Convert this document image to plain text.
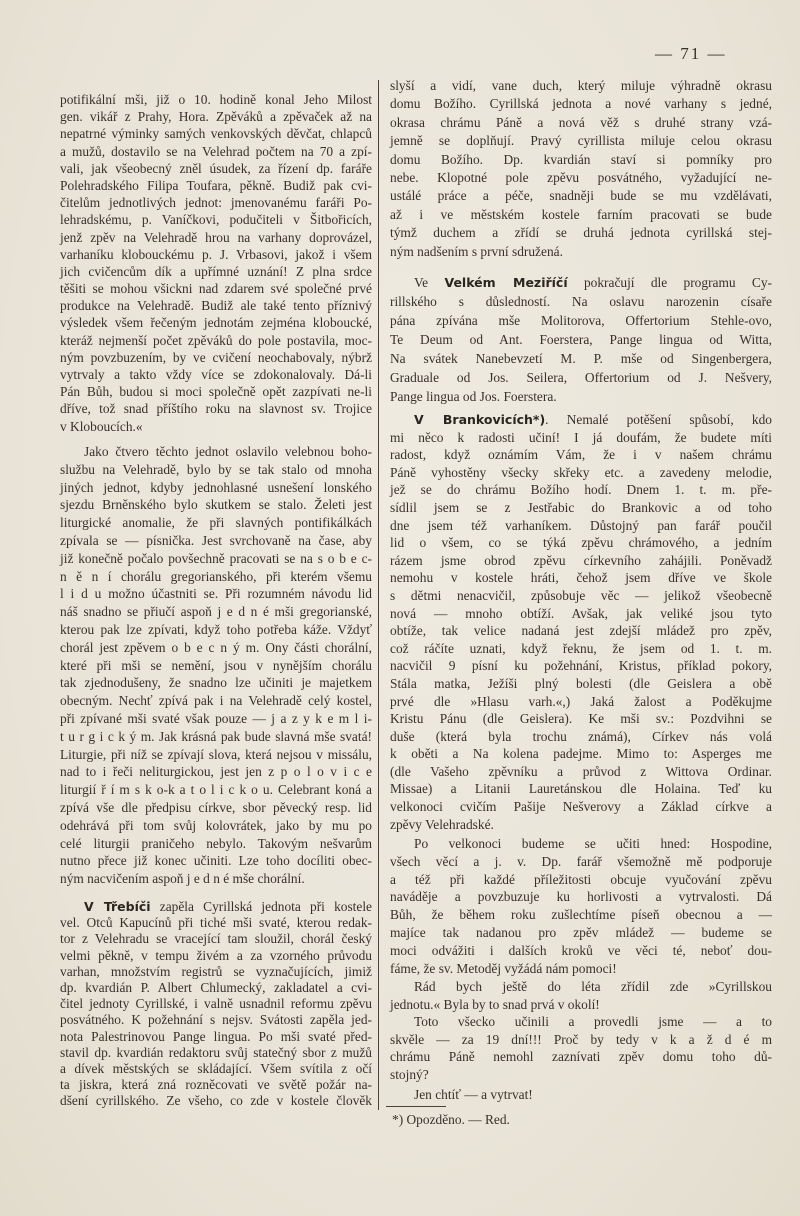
— 71 —
potifikální mši, již o 10. hodině konal Jeho Milost
gen. vikář z Prahy, Hora. Zpěváků a zpěvaček až na
nepatrné výminky samých venkovských děvčat, chlapců
a mužů, dostavilo se na Velehrad počtem na 70 a zpí-
vali, jak všeobecný zněl úsudek, za řízení dp. faráře
Polehradského Filipa Toufara, pěkně. Budiž pak cvi-
čitelům jednotlivých jednot: jmenovanému faráři Po-
lehradskému, p. Vaníčkovi, podučiteli v Šitbořicích,
jenž zpěv na Velehradě hrou na varhany doprovázel,
varhaníku klobouckému p. J. Vrbasovi, jakož i všem
jich cvičencům dík a upřímné uznání! Z plna srdce
těšiti se mohou všickni nad zdarem své společné prvé
produkce na Velehradě. Budiž ale také tento příznivý
výsledek všem řečeným jednotám zejména kloboucké,
kteráž nejmenší počet zpěváků do pole postavila, moc-
ným povzbuzením, by ve cvičení neochabovaly, nýbrž
vytrvaly a takto vždy více se zdokonalovaly. Dá-li
Pán Bůh, budou si moci společně opět zazpívati ne-li
dříve, tož snad příštího roku na slavnost sv. Trojice
v Kloboucích.«
Jako čtvero těchto jednot oslavilo velebnou boho-
službu na Velehradě, bylo by se tak stalo od mnoha
jiných jednot, kdyby jednohlasné usnešení lonského
sjezdu Brněnského bylo skutkem se stalo. Želeti jest
liturgické anomalie, že při slavných pontifikálkách
zpívala se — písnička. Jest svrchovaně na čase, aby
již konečně počalo povšechně pracovati se na s o b e c-
n ě n í chorálu gregorianského, při kterém všemu
l i d u možno účastniti se. Při rozumném návodu lid
náš snadno se přiučí aspoň j e d n é mši gregorianské,
kterou pak lze zpívati, když toho potřeba káže. Vždyť
chorál jest zpěvem o b e c n ý m. Ony části chorální,
které při mši se nemění, jsou v nynějším chorálu
tak zjednodušeny, že snadno lze učiniti je majetkem
obecným. Nechť zpívá pak i na Velehradě celý kostel,
při zpívané mši svaté však pouze — j a z y k e m l i-
t u r g i c k ý m. Jak krásná pak bude slavná mše svatá!
Liturgie, při níž se zpívají slova, která nejsou v missálu,
nad to i řeči neliturgickou, jest jen z p o l o v i c e
liturgií ř í m s k o-k a t o l i c k o u. Celebrant koná a
zpívá vše dle předpisu církve, sbor pěvecký resp. lid
odehrává při tom svůj kolovrátek, jako by mu po
celé liturgii praničeho nebylo. Takovým nešvarům
nutno přece již konec učiniti. Lze toho docíliti obec-
ným nacvičením aspoň j e d n é mše chorální.
V Třebíči zapěla Cyrillská jednota při kostele
vel. Otců Kapucínů při tiché mši svaté, kterou redak-
tor z Velehradu se vracející tam sloužil, chorál český
velmi pěkně, v tempu živém a za vzorného průvodu
varhan, množstvím registrů se vyznačujících, jimiž
dp. kvardián P. Albert Chlumecký, zakladatel a cvi-
čitel jednoty Cyrillské, i valně usnadnil reformu zpěvu
posvátného. K požehnání s nejsv. Svátosti zapěla jed-
nota Palestrinovou Pange lingua. Po mši svaté před-
stavil dp. kvardián redaktoru svůj statečný sbor z mužů
a dívek městských se skládající. Všem svítila z očí
ta jiskra, která zná rozněcovati ve světě požár na-
dšení cyrillského. Ze všeho, co zde v kostele člověk
slyší a vidí, vane duch, který miluje výhradně okrasu
domu Božího. Cyrillská jednota a nové varhany s jedné,
okrasa chrámu Páně a nová věž s druhé strany vzá-
jemně se doplňují. Pravý cyrillista miluje celou okrasu
domu Božího. Dp. kvardián staví si pomníky pro
nebe. Klopotné pole zpěvu posvátného, vyžadující ne-
ustálé práce a péče, snadněji bude se mu vzdělávati,
až i ve městském kostele farním pracovati se bude
týmž duchem a zřídí se druhá jednota cyrillská stej-
ným nadšením s první sdružená.
Ve Velkém Meziříčí pokračují dle programu Cy-
rillského s důsledností. Na oslavu narozenin císaře
pána zpívána mše Molitorova, Offertorium Stehle-ovo,
Te Deum od Ant. Foerstera, Pange lingua od Witta,
Na svátek Nanebevzetí M. P. mše od Singenbergera,
Graduale od Jos. Seilera, Offertorium od J. Nešvery,
Pange lingua od Jos. Foerstera.
V Brankovicích*). Nemalé potěšení spůsobí, kdo
mi něco k radosti učiní! I já doufám, že budete míti
radost, když oznámím Vám, že i v našem chrámu
Páně vyhostěny všecky skřeky etc. a zavedeny melodie,
jež se do chrámu Božího hodí. Dnem 1. t. m. pře-
sídlil jsem se z Jestřabic do Brankovic a od toho
dne jsem též varhaníkem. Důstojný pan farář poučil
lid o všem, co se týká zpěvu chrámového, a jedním
rázem jsme obrod zpěvu církevního zahájili. Poněvadž
nemohu v kostele hráti, čehož jsem dříve ve škole
s dětmi nenacvičil, způsobuje věc — jelikož všeobecně
nová — mnoho obtíží. Avšak, jak veliké jsou tyto
obtíže, tak velice nadaná jest zdejší mládež pro zpěv,
což ráčíte uznati, když řeknu, že jsem od 1. t. m.
nacvičil 9 písní ku požehnání, Kristus, příklad pokory,
Stála matka, Ježíši plný bolesti (dle Geislera a obě
prvé dle »Hlasu varh.«,) Jaká žalost a Poděkujme
Kristu Pánu (dle Geislera). Ke mši sv.: Pozdvihni se
duše (která byla trochu známá), Církev nás volá
k oběti a Na kolena padejme. Mimo to: Asperges me
(dle Vašeho zpěvníku a průvod z Wittova Ordinar.
Missae) a Litanii Lauretánskou dle Holaina. Teď ku
velkonoci cvičím Pašije Nešverovy a Základ církve a
zpěvy Velehradské.
Po velkonoci budeme se učiti hned: Hospodine,
všech věcí a j. v. Dp. farář všemožně mě podporuje
a též při každé příležitosti obcuje vyučování zpěvu
naváděje a povzbuzuje ku horlivosti a vytrvalosti. Dá
Bůh, že během roku zušlechtíme píseň obecnou a —
majíce tak nadanou pro zpěv mládež — budeme se
moci odvážiti i dalších kroků ve věci té, neboť dou-
fáme, že sv. Metoděj vyžádá nám pomoci!
Rád bych ještě do léta zřídil zde »Cyrillskou
jednotu.« Byla by to snad prvá v okolí!
Toto všecko učinili a provedli jsme — a to
skvěle — za 19 dní!!! Proč by tedy v k a ž d é m
chrámu Páně nemohl zaznívati zpěv domu toho dů-
stojný?
Jen chtíť — a vytrvat!
*) Opozděno. — Red.
